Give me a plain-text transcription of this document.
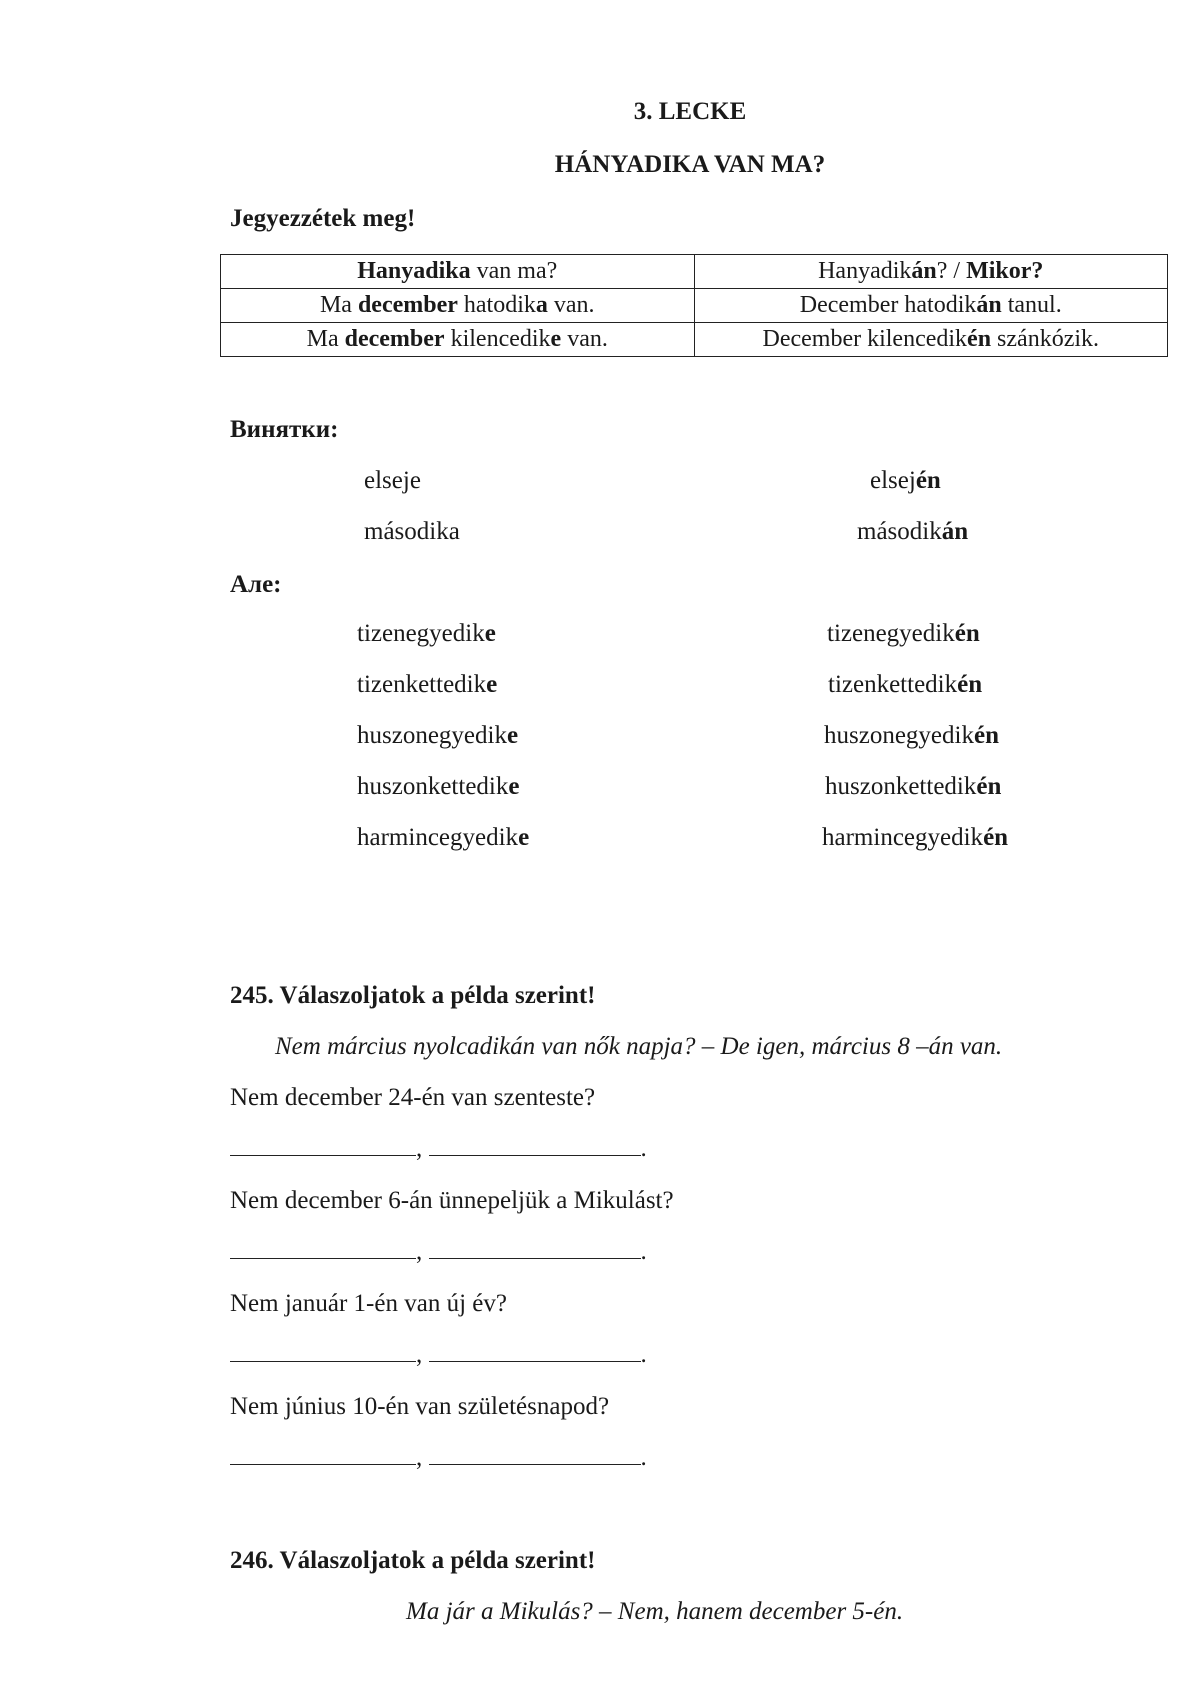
3. LECKE
HÁNYADIKA VAN MA?
Jegyezzétek meg!
Hanyadika van ma?	Hanyadikán? / Mikor?
Ma december hatodika van.	December hatodikán tanul.
Ma december kilencedike van.	December kilencedikén szánkózik.
Винятки:
elseje	elsején
másodika	másodikán
Але:
tizenegyedike	tizenegyedikén
tizenkettedike	tizenkettedikén
huszonegyedike	huszonegyedikén
huszonkettedike	huszonkettedikén
harmincegyedike	harmincegyedikén
245. Válaszoljatok a példa szerint!
Nem március nyolcadikán van nők napja? – De igen, március 8 –án van.
Nem december 24-én van szenteste?
,	.
Nem december 6-án ünnepeljük a Mikulást?
,	.
Nem január 1-én van új év?
,	.
Nem június 10-én van születésnapod?
,	.
246. Válaszoljatok a példa szerint!
Ma jár a Mikulás? – Nem, hanem december 5-én.
